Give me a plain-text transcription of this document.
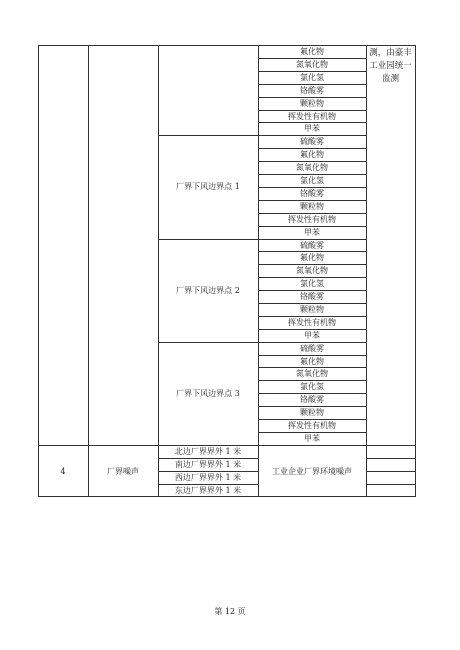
氟化物
氮氧化物
氯化氢
铬酸雾
颗粒物
挥发性有机物
甲苯
测，由豪丰工业园统一监测
硫酸雾
氟化物
氮氧化物
氯化氢
铬酸雾
颗粒物
挥发性有机物
甲苯
厂界下风边界点 1
硫酸雾
氟化物
氮氧化物
氯化氢
铬酸雾
颗粒物
挥发性有机物
甲苯
厂界下风边界点 2
硫酸雾
氟化物
氮氧化物
氯化氢
铬酸雾
颗粒物
挥发性有机物
甲苯
厂界下风边界点 3
北边厂界界外 1 米
南边厂界界外 1 米
西边厂界界外 1 米
东边厂界界外 1 米
4	厂界噪声	工业企业厂界环境噪声
第 12 页
